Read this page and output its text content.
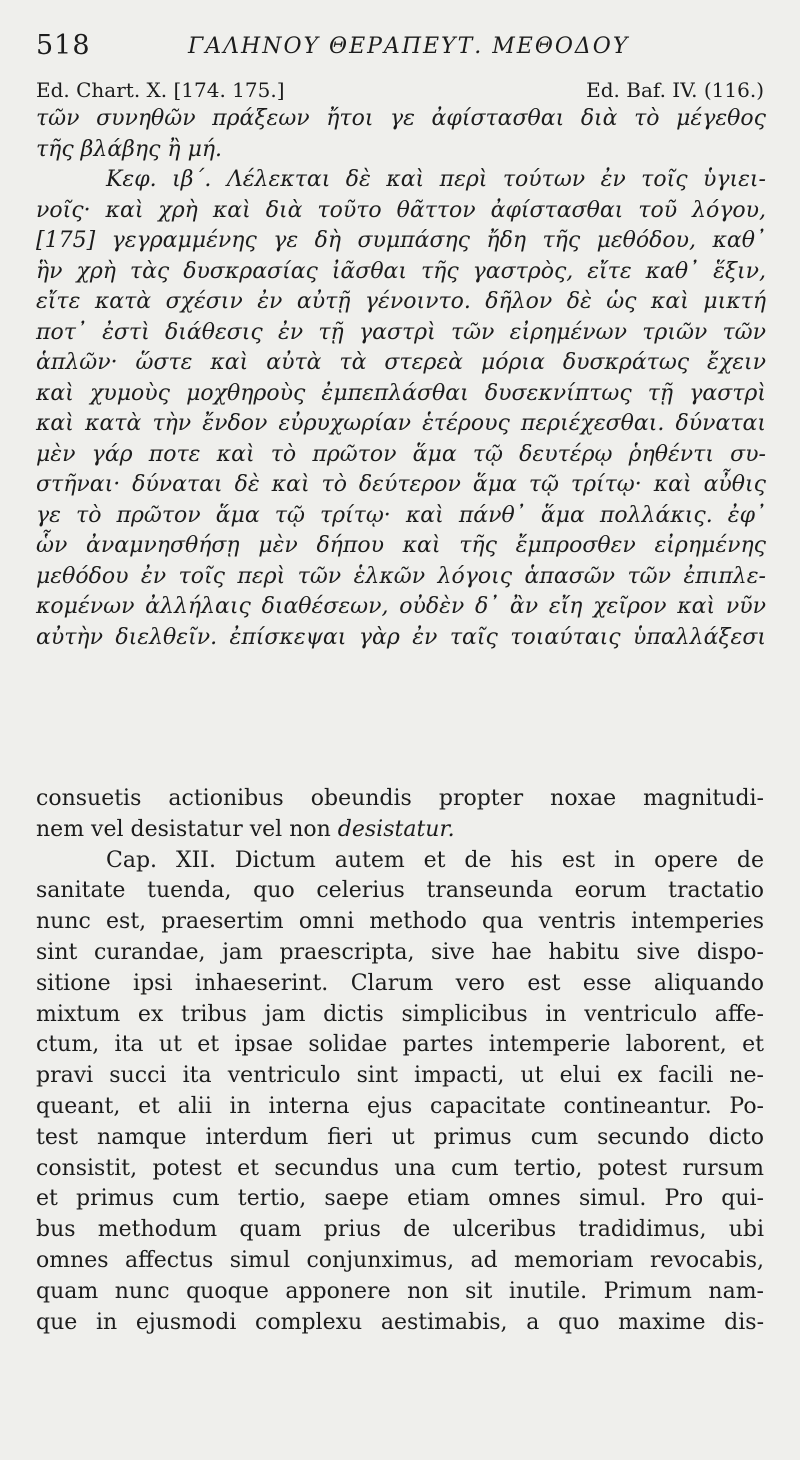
518	ΓΑΛΗΝΟΥ ΘΕΡΑΠΕΥΤ. ΜΕΘΟΔΟΥ
Ed. Chart. X. [174. 175.]	Ed. Baf. IV. (116.)
τῶν συνηθῶν πράξεων ἤτοι γε ἀφίστασθαι διὰ τὸ μέγεθος
τῆς βλάβης ἢ μή.
Κεφ. ιβ΄. Λέλεκται δὲ καὶ περὶ τούτων ἐν τοῖς ὑγιει-
νοῖς· καὶ χρὴ καὶ διὰ τοῦτο θᾶττον ἀφίστασθαι τοῦ λόγου,
[175] γεγραμμένης γε δὴ συμπάσης ἤδη τῆς μεθόδου, καθ᾽
ἣν χρὴ τὰς δυσκρασίας ἰᾶσθαι τῆς γαστρὸς, εἴτε καθ᾽ ἕξιν,
εἴτε κατὰ σχέσιν ἐν αὐτῇ γένοιντο. δῆλον δὲ ὡς καὶ μικτή
ποτ᾽ ἐστὶ διάθεσις ἐν τῇ γαστρὶ τῶν εἰρημένων τριῶν τῶν
ἁπλῶν· ὥστε καὶ αὐτὰ τὰ στερεὰ μόρια δυσκράτως ἔχειν
καὶ χυμοὺς μοχθηροὺς ἐμπεπλάσθαι δυσεκνίπτως τῇ γαστρὶ
καὶ κατὰ τὴν ἔνδον εὐρυχωρίαν ἑτέρους περιέχεσθαι. δύναται
μὲν γάρ ποτε καὶ τὸ πρῶτον ἅμα τῷ δευτέρῳ ῥηθέντι συ-
στῆναι· δύναται δὲ καὶ τὸ δεύτερον ἅμα τῷ τρίτῳ· καὶ αὖθις
γε τὸ πρῶτον ἅμα τῷ τρίτῳ· καὶ πάνθ᾽ ἅμα πολλάκις. ἐφ᾽
ὧν ἀναμνησθήσῃ μὲν δήπου καὶ τῆς ἔμπροσθεν εἰρημένης
μεθόδου ἐν τοῖς περὶ τῶν ἑλκῶν λόγοις ἁπασῶν τῶν ἐπιπλε-
κομένων ἀλλήλαις διαθέσεων, οὐδὲν δ᾽ ἂν εἴη χεῖρον καὶ νῦν
αὐτὴν διελθεῖν. ἐπίσκεψαι γὰρ ἐν ταῖς τοιαύταις ὑπαλλάξεσι
consuetis actionibus obeundis propter noxae magnitudi-
nem vel desistatur vel non desistatur.
Cap. XII. Dictum autem et de his est in opere de
sanitate tuenda, quo celerius transeunda eorum tractatio
nunc est, praesertim omni methodo qua ventris intemperies
sint curandae, jam praescripta, sive hae habitu sive dispo-
sitione ipsi inhaeserint. Clarum vero est esse aliquando
mixtum ex tribus jam dictis simplicibus in ventriculo affe-
ctum, ita ut et ipsae solidae partes intemperie laborent, et
pravi succi ita ventriculo sint impacti, ut elui ex facili ne-
queant, et alii in interna ejus capacitate contineantur. Po-
test namque interdum fieri ut primus cum secundo dicto
consistit, potest et secundus una cum tertio, potest rursum
et primus cum tertio, saepe etiam omnes simul. Pro qui-
bus methodum quam prius de ulceribus tradidimus, ubi
omnes affectus simul conjunximus, ad memoriam revocabis,
quam nunc quoque apponere non sit inutile. Primum nam-
que in ejusmodi complexu aestimabis, a quo maxime dis-
